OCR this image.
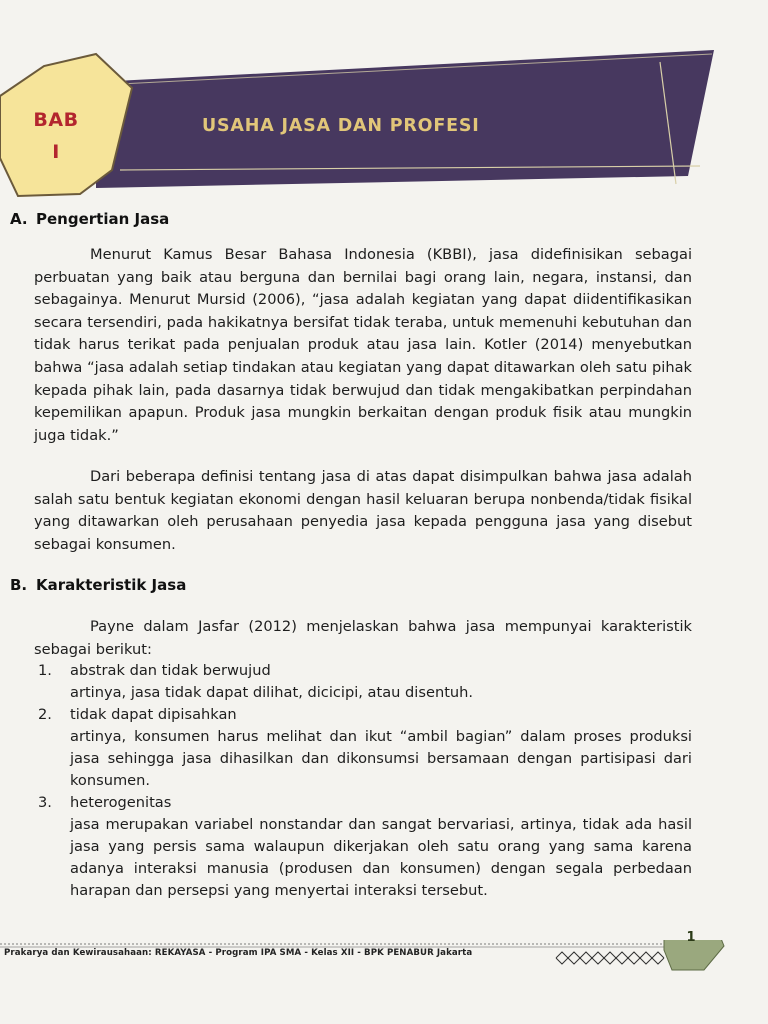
BAB
I
USAHA JASA DAN PROFESI
A. Pengertian Jasa
Menurut Kamus Besar Bahasa Indonesia (KBBI), jasa didefinisikan sebagai perbuatan yang baik atau berguna dan bernilai bagi orang lain, negara, instansi, dan sebagainya. Menurut Mursid (2006), “jasa adalah kegiatan yang dapat diidentifikasikan secara tersendiri, pada hakikatnya bersifat tidak teraba, untuk memenuhi kebutuhan dan tidak harus terikat pada penjualan produk atau jasa lain. Kotler (2014) menyebutkan bahwa “jasa adalah setiap tindakan atau kegiatan yang dapat ditawarkan oleh satu pihak kepada pihak lain, pada dasarnya tidak berwujud dan tidak mengakibatkan perpindahan kepemilikan apapun. Produk jasa mungkin berkaitan dengan produk fisik atau mungkin juga tidak.”
Dari beberapa definisi tentang jasa di atas dapat disimpulkan bahwa jasa adalah salah satu bentuk kegiatan ekonomi dengan hasil keluaran berupa nonbenda/tidak fisikal yang ditawarkan oleh perusahaan penyedia jasa kepada pengguna jasa yang disebut sebagai konsumen.
B. Karakteristik Jasa
Payne dalam Jasfar (2012) menjelaskan bahwa jasa mempunyai karakteristik sebagai berikut:
1. abstrak dan tidak berwujud
artinya, jasa tidak dapat dilihat, dicicipi, atau disentuh.
2. tidak dapat dipisahkan
artinya, konsumen harus melihat dan ikut “ambil bagian” dalam proses produksi jasa sehingga jasa dihasilkan dan dikonsumsi bersamaan dengan partisipasi dari konsumen.
3. heterogenitas
jasa merupakan variabel nonstandar dan sangat bervariasi, artinya, tidak ada hasil jasa yang persis sama walaupun dikerjakan oleh satu orang yang sama karena adanya interaksi manusia (produsen dan konsumen) dengan segala perbedaan harapan dan persepsi yang menyertai interaksi tersebut.
Prakarya dan Kewirausahaan: REKAYASA - Program IPA SMA - Kelas XII - BPK PENABUR Jakarta
1
